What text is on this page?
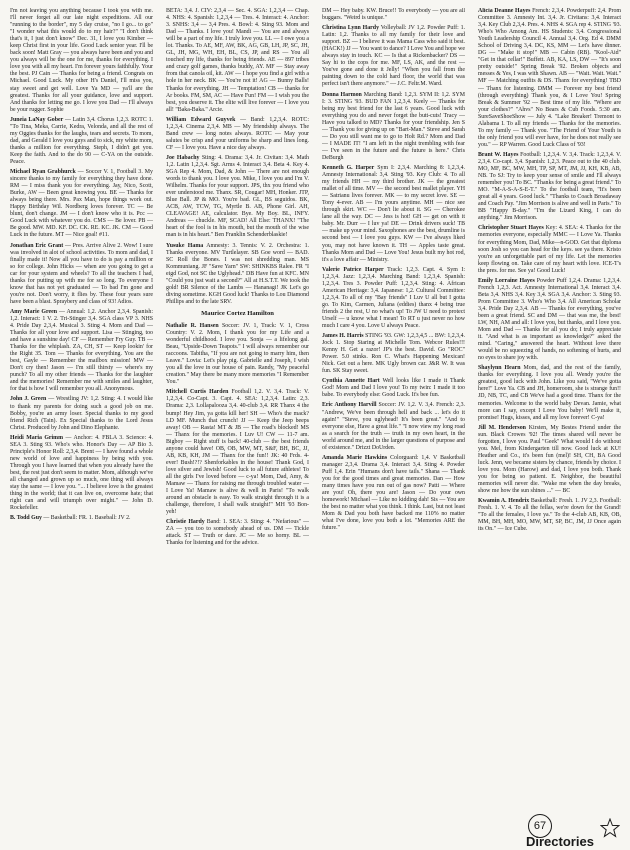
I'm not leaving you anything because I took you with me. I'll never forget all our late night expeditions. All our "running to the border", my 5 day cruise, "no I go... to go" "I wonder what this would do to my hair?" "I don't think that's it, I just don't know" Dec. 31, I love you Kimber — keep Christ first in your life. Good Luck senior year. I'll be back soon! Matt Gray — you always have been and you and you always will be the one for me, thanks for everything. I love you with all my heart. I'm forever yours faithfully. Your the best. PJ Cain — Thanks for being a friend. Congrats on Michael. Good Luck. My other H's Daniel, I'll miss you, stay sweet and get well. Love Ya MD — ya'll are the greatest. Thanks for all your guidance, love and support. And thanks for letting me go. I love you Dad — I'll always be your rugger. Sophie

Juneia LaNay Gober — Latin 3,4. Chorus 1,2,3. ROTC 1. "To Tina, Meka, Carrie, Kedra, Velonda, and all the rest of my Oggies thanks for the laughs, tears and secrets. To mom, dad, and Gerald I love you guys and to sick, my white mom, thanks a million for everything. Steph, I didn't get you. Keep the faith. And to the do 90 — C-YA on the outside. Peace.

Michael Ryan Grabhurck — Soccer V. 1, Football 3. My sincere thanks to my family for everything they have done. RM — I miss thank you for everything. Jay, Nico, Scott, Burke, AW — Been great knowing you. BE — Thanks for always being there. Mrs. Pax Man, hope things work out. Happy Birthday Wil. Nordberg loves forever. TC — Be blunt, don't change. JM — I don't know who it is. Pcc — Good Luck with whatever you do. CMS — Be lover. PB — Be good. MW. MD. KF. DC. CK. RE. KC. JK. CM — Good Luck in the future. MT — Nice goal! #11.

Jonathan Eric Grant — Pres. Arrive Alive 2. Wow! I sure was involved in alot of school activities. To mom and dad, I finally made it! Now all you have to do is pay a million or so for college. John Hicks — when are you going to get a car for your system and wheels? To all the teachers I had, thanks for putting up with me for so long. To everyone I know that has not yet graduated — To bad I'm gone and you're not. Don't worry, it flies by. These four years sure have been a blast. Spraybery and class of 93! Adios.

Amy Marie Green — Annual: 1,2. Anchor 2,3,4. Spanish: 1,2. Interact: 1 V. 2. Tri-Stinger 3,4. SGA class VP 3. NHS 4. Pride Day 2,3,4. Musical 3. Sting 4. Mom and Dad — Thanks for all your love and support. Lisa — Stinging, too and have a sunshine day! CF — Remember Fry Guy. TB — Thanks for the whiplash. ZA, CH, ST — Keep lookin' for the Right 35. Tom — Thanks for everything. You are the best, Gayle — Remember the mailbox mission! MW — Don't cry then! Jason — I'm still thirsty — where's my punch? To all my other friends — Thanks for the laughter and the memories! Remember me with smiles and laughter, for that is how I will remember you all. Anonymous.

John J. Green — Wrestling JV: 1,2. Sting: 4. I would like to thank my parents for doing such a good job on me. Bobby, you're an army loser. Special thanks to my good friend Rich (Tain). Ex Special thanks to the Lord Jesus Christ. Produced by John and Dino Elephante.

Heidi Maria Grimm — Anchor: 4. FBLA 3. Science: 4. SEA 3. Sting 93. Who's who. Honor's Day — AP Bio 3. Principle's Honor Roll: 2,3,4. Brent — I have found a whole new world of love and happiness by being with you. Through you I have learned that when you already have the best, the rest just don't seem to matter. Mom, although we've all changed and grown up so much, one thing will always stay the same — I love you. "... I believe love is the greatest thing in the world; that it can live on, overcome hate; that right can and will triumph over might." — John D. Rockefeller.

B. Todd Guy — Basketball: FR. 1. Baseball: JV 2.

BETA: 3,4. J. CIV: 2,3,4 — Sec. 4. SGA: 1,2,3,4 — Chap. 4. NHS: 4. Spanish: 1,2,3,4 — Tres. 4. Interact: 4. Anchor: 3. SNHS: 3,4 — 3,4 Pres. 4. Bowl: 4. Sting 93. Mom and Dad — Thanks. I love you! Mandi — You are and always will be a part of my life. I truly love you. LL — I owe you a lot. Thanks. To AE, MF, AW, BK, AG, GB, LH, JP, SC, JH, GL, JH, MG, WH, EH, BL, CS, JP, and RS — You all touched my life, thanks for being friends. AE — 897 tribes and crazy golf games, thanks buddy, AY. MF — Stay away from that canola oil, kit. AW — I hope you find a girl with a hole in her neck. BK — You're not it! AG — Bunny Balls! Thanks for everything. JH — Temptation! CB — thanks for Ar books. FM, SM, AC — Have Fun! FM — I wish you the best, you deserve it. The elite will live forever — I love you all! "Baka-Baka." Arcie.

William Edward Guyvek — Band: 1,2,3,4. ROTC: 1,2,3,4. Cinema 2,3,4. MB — My friendship always. The Band crew — long notes always. ROTC — May your salutes be crisp and your uniforms be sharp and lines long. CF — I love you. Have a nice day always.

Joe Habachy Sting: 4. Drama: 3,4. Jr. Civitan: 3,4. Math 1,2. Latin 1,2,3,4. Sgt. Arms 4. Interact 3,4. Beta 4. Key 4. SGA Rep 4. Mom, Dad, & John — There are not enough words to thank you. I love you. Mike, I love you and I'm V. Wilhelm. Thanks for your support. JPS, thx you friend who ever understood me. Thanx. SR, Cougar! MH, Honker. JTP, Blue Ball. JP & MO. You're bad. GL, BS seguidos. BK, ACB, AW, TCW, TG, Myrtle B. AB, Phone Girl. AH, CLEAVAGE! AE, calculator. Bye. My Boy. BL, INFY. Andreas — chuckle. MF, SCAD! All Else: THANX! "The heart of the fool is in his mouth, but the mouth of the wise man is in his heart." Ben Franklin Schenderblaskie!

Yusuke Hama Amnesty: 3. Tennis: V. 2. Orchestra: 1. Thanks everyone. MV Turtlelayer. SB Goe word — BAD. SC Roll the Bones. I was not shredding man. MS Kommuniang. JF "Save Yarn" SW: SHINKBS Ralee. FR "I eigd God, not SC the Uglyhead." DB Have fun at KFC. MN "Could you just wait a second?" All at H.S.T.T. We took the gold! BR Silence of the Lambs — Hananagi! JK Let's go diving sometime. KGH Good luck! Thanks to Lou Diamond Phillips and to the late SRV.

Maurice Cortez Hamilton

Nathalie R. Hansen Soccer: JV. 1, Track: V. 1, Cross Country: V. 2. Mom, I thank you for my Life and a wonderful childhood. I love you. Sonja — a lifelong gal. Beau, "Upside-Down Teapots." I will always remember our raccoons. Tabitha, "If you are not going to marry him, then Leave." Lovia: Let's play pig. Gabrielle and Joseph, I wish you all the love in our house of pain. Randy, "My peaceful creation." May there be many more memories "I Remember You."

Mitchell Curtis Harden Football 1,2. V. 3,4. Track: V. 1,2,3,4. Co-Capt. 3. Capt. 4. SEA: 1,2,3,4. Latin: 2,3. Drama: 2,3. Lollapalooza 3,4. 40-club 3,4. RR Thanx 4 the bump! Hey Jim, ya gotta kill her! SH — Who's the mack? LD MF. Munch that crunch! JJ — Keep the Jeep beeps away! OB — Rasta! MT & JB — The road's blocked! MS — Thanx for the memories. I Luv U! CW — 11-7 am. Bigboy — Right stuff is back! 40-club — the best friends anyone could have! OB, OB, MW, MT, S&F, BH, BC, JJ, AB, KB, KH, JM — Thanx for the fun!! JK: 40 Frds. 4-ever! Bush!?!? Shenforkables in the house! Thank God, I love silver and Jewish! Good luck to all future athletes! To all the girls I've loved before — c-ya! Mom, Dad, Amy, & Mamaw — Thanx for raising me through troubled water — I Love Ya! Mamaw is alive & well in Paris! "To walk around an obstacle is easy. To walk straight through it is a challenge, therefore, I shall walk straight!" MH '93 Bon-yeh!

Christie Hardy Band: 1. SEA: 3. Sting: 4. "Nefarious" — ZA — you too to somebody ahead of us. DM — Tickle attack. ST — Truth or dare. JC — Me so horny. BL — Thanks for listening and for the advice.

DM — Hey baby. KW. Bruce!! To everybody — you are all buggars. "Weird is unique."

Christina Lynn Hardy Volleyball: JV 1,2. Powder Puff: 1. Latin: 1,2. Thanks to all my family for their love and support. BZ — I believe it was Mama Cass who said it best. (HACK!) JJ — You want to dance? I Love You and hope we always stay in touch. KC — Is that a Rickenbacker? DS — Say hi to the cops for me. MF, LS, AK, and the rest — You've gone and done it Jelly! "When you fall from the painting down to the cold hard floor, the world that was perfect isn't there anymore." — J.C. Feltr.M. Ward.

Donna Harmon Marching Band: 1,2,3. SYM II: 1,2. SYM I: 3. STING '93. BUD FAN 1,2,3,4. Keely — Thanks for being my best friend for the last 6 years. Good luck with everything you do and never forget the butt-cuts! Tracy — Have you talked to MD? Thanks for your friendship. Jen S — Thank you for giving up on "Bart-Man." Steve and Sarah — Do you still want me to go to Holt Rd.? Mom and Dad — I MADE IT! "I am left in the night trembling with fear — I've seen in the future and the future is here." Chris DeBurgh

Kenneth G. Harper Sym I: 2,3,4. Marching 8: 1,2,3,4. Amnesty International: 3,4. Sting '93. Key Club: 4. To all my friends HH — my third brother. JK — the greatest mallet of all time. MV — the second best mallet player. YH — Satrianu lives forever. MK — to my secret love. SE — Tony 4-ever. AB — I'm yours anytime. MH — nice see through skirt. WC — Don't lie about it. SG — Cherokee lane all the way. DC — Jess is hot! GH — get on with it baby. Mr. Durr — I luv ya! DE — Drink drivers suck! TB — make up your mind. Saxophones are the best, drumline is second best — I love you guys. KW — I've always liked you, may not have known it. TH — Apples taste great. Thanks Mom and Dad — Love You! Jesus built my hot rod, it's a love affair — Ministry.

Valerie Patrice Harper Track: 1,2,3. Capt. 4. Sym I: 1,2,3,4. Jazz: 1,2,3,4. Marching Band: 1,2,3,4. Spanish: 1,2,3,4. Tres 3. Powder Puff: 1,2,3,4. Sting: 4. African American Heritage: 3,4. Japanese: 1,2. Cultural Committee: 1,2,3,4. To all of my "Bay friends" I Luv U all but I gotta go. To Kim, Carmen, Juliana (eddies) thanx 4 being true friends 2 the rest, U no what's up! To JW U need to protect Urself — u know what I mean! To RT u just never no how much I care 4 you. Love U always Peace.

James H. Harris STING '93. GW: 1,2,3,4,5 ... BW: 1,2,3,4. Jock 1. Stop Staring at Michelle Tom. Webcor Rules!!! Kenny H. Get a razor! JP's the best. David. Go "ROC" Power. 5.0 stinks. Ron C. What's Happening Mexican! Nick. Get out a here. MK Ugly brown car. J&R W. It was fun. SK Stay sweet.

Cynthia Annette Hart Well looks like I made it Thank God! Mom and Dad I love you! To my twin: I made it too babe. To everybody else: Good Luck. It's bee fun.

Eric Anthony Harvill Soccer: JV. 1,2. V. 3,4. French: 2,3. "Andrew, We've been through hell and back ... let's do it again!" "Steve, you uglyhead! It's been great." "And to everyone else, Have a great life." "I now view my long road as a search for the truth — truth in my own heart, in the world around me, and in the larger questions of purpose and of existence." Drizzt DoUrden.

Amanda Marie Hawkins Colorguard: 1,4. V Basketball manager 2,3,4. Drama 3,4. Interact 3,4. Sting 4. Powder Puff 1,4. Erin "Humans don't have tails." Shana — Thank you for the good times and great memories. Dan — How many times have you run out of gas now? Patti — Where are you! Oh, there you are! Jason — Do your own homework! Michael — Like no kidding dah! Sis — You are the best no matter what you think. I think. Last, but not least Mom & Dad you both have backed me 110% no matter what I've done, love you both a lot. "Memories ARE the future."

Alicia Deanne Hayes French: 2,3,4. Powderpuff: 2,4. Prom Committee 3. Amnesty Int. 3,4. Jr. Civitans: 3,4. Interact 3,4. Key Club 2,3,4. Pres. 4. NHS 4. SGA rep 4. STING '93. Who's Who Among Am. HS Students: 3,4. Congressional Youth Leadership Council 4. Annual 3,4. Org. Ed 4. DMM School of Driving 3,4. DC, KS, MM — Let's have dinner. DG — "Make it stop!" MB — Cabin (RB). "Kool-Aid" "Get in that cellar!" Buffett. AB, KA, LS, DW — "It's soon pretty outside!" Spring Break '92. Broken objects and messes & Yes, I was with Shawn. AB — "Wait. Wait. Wait." MF — Matching outfits & DS. Thanx for everything! TBD — Thanx for listening. DMM — Forever my best friend (through everything) Thank you, & I Love You! Spring Break & Summer '92 — Best time of my life. "Where are your clothes?" "Ahvs" No Bears & Cub Foods. 5:30 am. SureSaveShoeShow — July 4. "Lake Breaker! Tremont to Alabama I. To all my friends — Thanks for the memories. To my family — Thank you. "The Friend of Your Youth is the only friend you will ever have, for he does not really see you." — RP Warren. Good Luck Class of '93!

Brant W. Hayes Football: 1,2,3,4. V. 3,4. Track: 1,2,3,4. V. 2,3,4. Co-capt. 3,4. Spanish: 1,2,3. Peace out to the 40 club. MO, MF, BC, MW, MH, TP, SP, MT, JM, JJ, KH, KB, AB, NB. To SJ: Try to keep your sense of smile and I'll always remember you! To BC. "Thanks for being a great friend." To MO. "M-A-S-A-S-E-T." To the football team, "It's been great all 4 years. Good luck." "Thanks to Coach Broadaway and Coach Pay. "Jim Morrison is alive and well in Paris." To BB "Happy B-day." "I'm the Lizard King, I can do anything." Jim Morrison.

Christopher Stuart Hayes Key: 4. SEA: 4. Thanks for the memories everyone, especially MMC — I Love Ya. Thanks for everything Mom, Dad, Mike—n-GOD. Get that diploma soon Josh so you can head for the keys. see ya there. Kristo you're an unforgettable part of my life. Let the memories keep flowing on. Take care of my heart with love. ICE-T's the pres. for me. See ya! Good Luck!

Emily Lorraine Hayes Powder Puff 1,2,4. Drama: 1,2,3,4. French 1,2,3. Act. Amnesty International 3,4. Interact 3,4. Beta 3,4. NHS 3,4. Key 3,4. SGA 3,4. Anchor: 3. Sting 93. Prom Committee 3. Who's Who 3,4. All American Scholar 3,4. Pride Day 2,3,4. AB — Thanks for everything, you've been a great friend. SC and DM — that was me, the best! LW, NH, AM and all: I love you, but thanks, and I love you. Mom and Dad — Thanks for all you do; I truly appreciate it. "And what is as important as knowledge?" asked the mind. "Caring," answered the heart. Without love there would be no squeezing of hands, no softening of hurts, and no eyes to share joy with.

Shaylynn Hearn Mom, dad, and the rest of the family, thanks for everything. I love you all. Wendy you're the greatest, good luck with John. Like you said, "We've gotta here!" Love Ya. CB and JH, homeroom, she is strange fun!! JD, NB, TC, and CB We've had a good time. Thanx for the memories. Welcome to the world baby Devan. Jamie, what more can I say, except I Love You baby! We'll make it, promise! Hugs, kisses, and all my love forever! C-ya!

Jill M. Henderson Kirsten, My Bestes Friend under the sun. Black Crowes '92! The times shared will never be forgotten, I love you. Paul "Geek" What would I do without you. Mel, from Kindergarten till now. Good luck at KU! Heather and Co., it's been fun (mel)! SH, CH, BA Good luck. Jenn, we became sisters by chance, friends by choice. I love you. Mom (Harow) and dad, I love you both. Thank you for being so patient. E. Neighbor, the beautiful memories will never die. "Wake me when the day breaks, show me how the sun shines ..." — BC

Kwamin A. Hendrix Basketball: Fresh. 1. JV 2,3. Football: Fresh. 1. V. 4. To all the fellas, we're down for the Grand! "To all the females, I love ya." To the 4-club AB, KB, OB, MM, BH, MH, MO, MW, MT, SP, BC, JM, JJ Once again its On." — Ice Cube.

67
Directories
